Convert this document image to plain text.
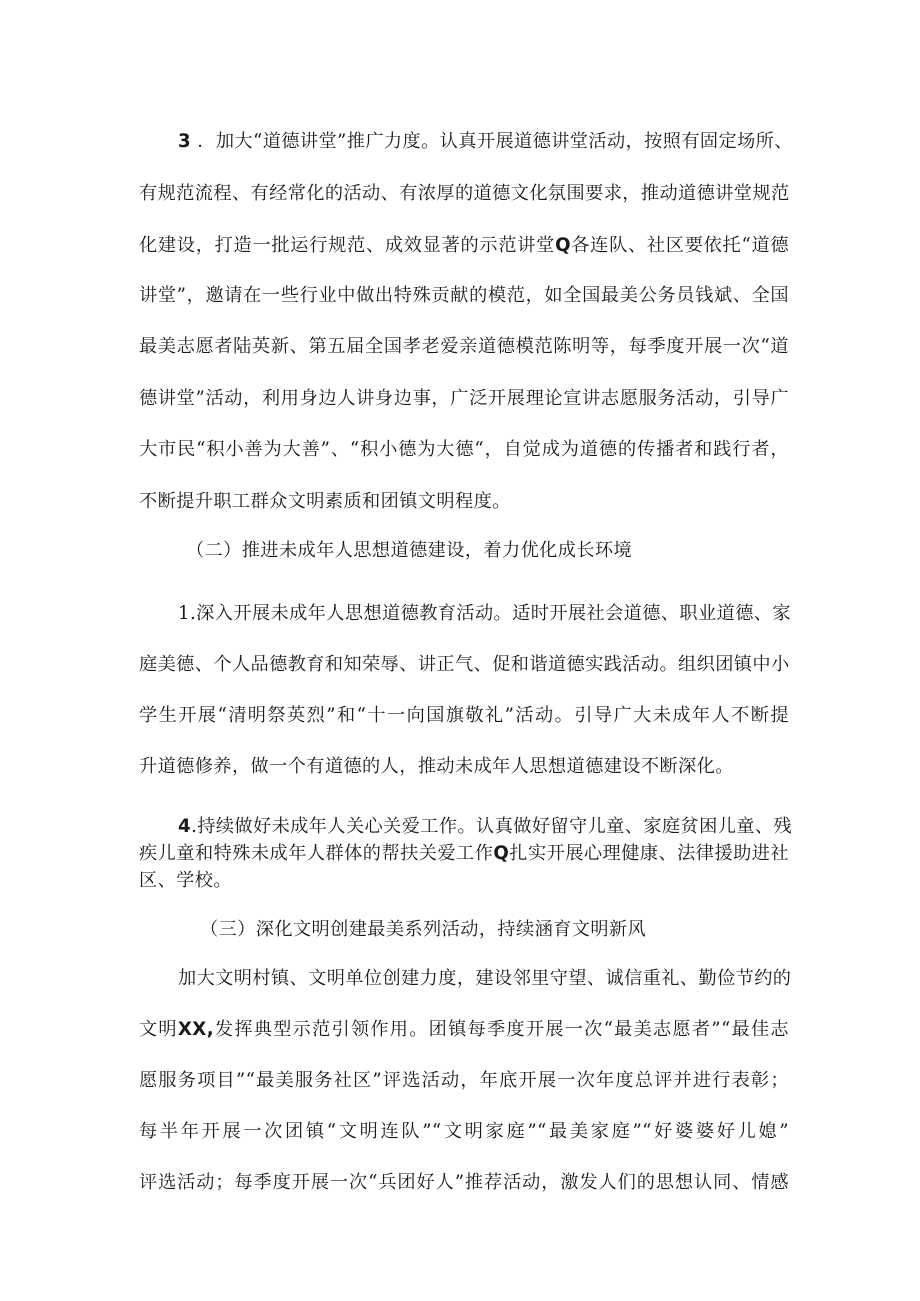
3 ．加大“道德讲堂”推广力度。认真开展道德讲堂活动，按照有固定场所、
有规范流程、有经常化的活动、有浓厚的道德文化氛围要求，推动道德讲堂规范
化建设，打造一批运行规范、成效显著的示范讲堂Q各连队、社区要依托“道德
讲堂”，邀请在一些行业中做出特殊贡献的模范，如全国最美公务员钱斌、全国
最美志愿者陆英新、第五届全国孝老爱亲道德模范陈明等，每季度开展一次“道
德讲堂”活动，利用身边人讲身边事，广泛开展理论宣讲志愿服务活动，引导广
大市民“积小善为大善”、“积小德为大德“，自觉成为道德的传播者和践行者，
不断提升职工群众文明素质和团镇文明程度。
（二）推进未成年人思想道德建设，着力优化成长环境
1.深入开展未成年人思想道德教育活动。适时开展社会道德、职业道德、家
庭美德、个人品德教育和知荣辱、讲正气、促和谐道德实践活动。组织团镇中小
学生开展“清明祭英烈”和“十一向国旗敬礼”活动。引导广大未成年人不断提
升道德修养，做一个有道德的人，推动未成年人思想道德建设不断深化。
4.持续做好未成年人关心关爱工作。认真做好留守儿童、家庭贫困儿童、残
疾儿童和特殊未成年人群体的帮扶关爱工作Q扎实开展心理健康、法律援助进社
区、学校。
（三）深化文明创建最美系列活动，持续涵育文明新风
加大文明村镇、文明单位创建力度，建设邻里守望、诚信重礼、勤俭节约的
文明XX,发挥典型示范引领作用。团镇每季度开展一次“最美志愿者”“最佳志
愿服务项目”“最美服务社区”评选活动，年底开展一次年度总评并进行表彰；
每半年开展一次团镇“文明连队”“文明家庭”“最美家庭”“好婆婆好儿媳”
评选活动；每季度开展一次“兵团好人”推荐活动，激发人们的思想认同、情感
